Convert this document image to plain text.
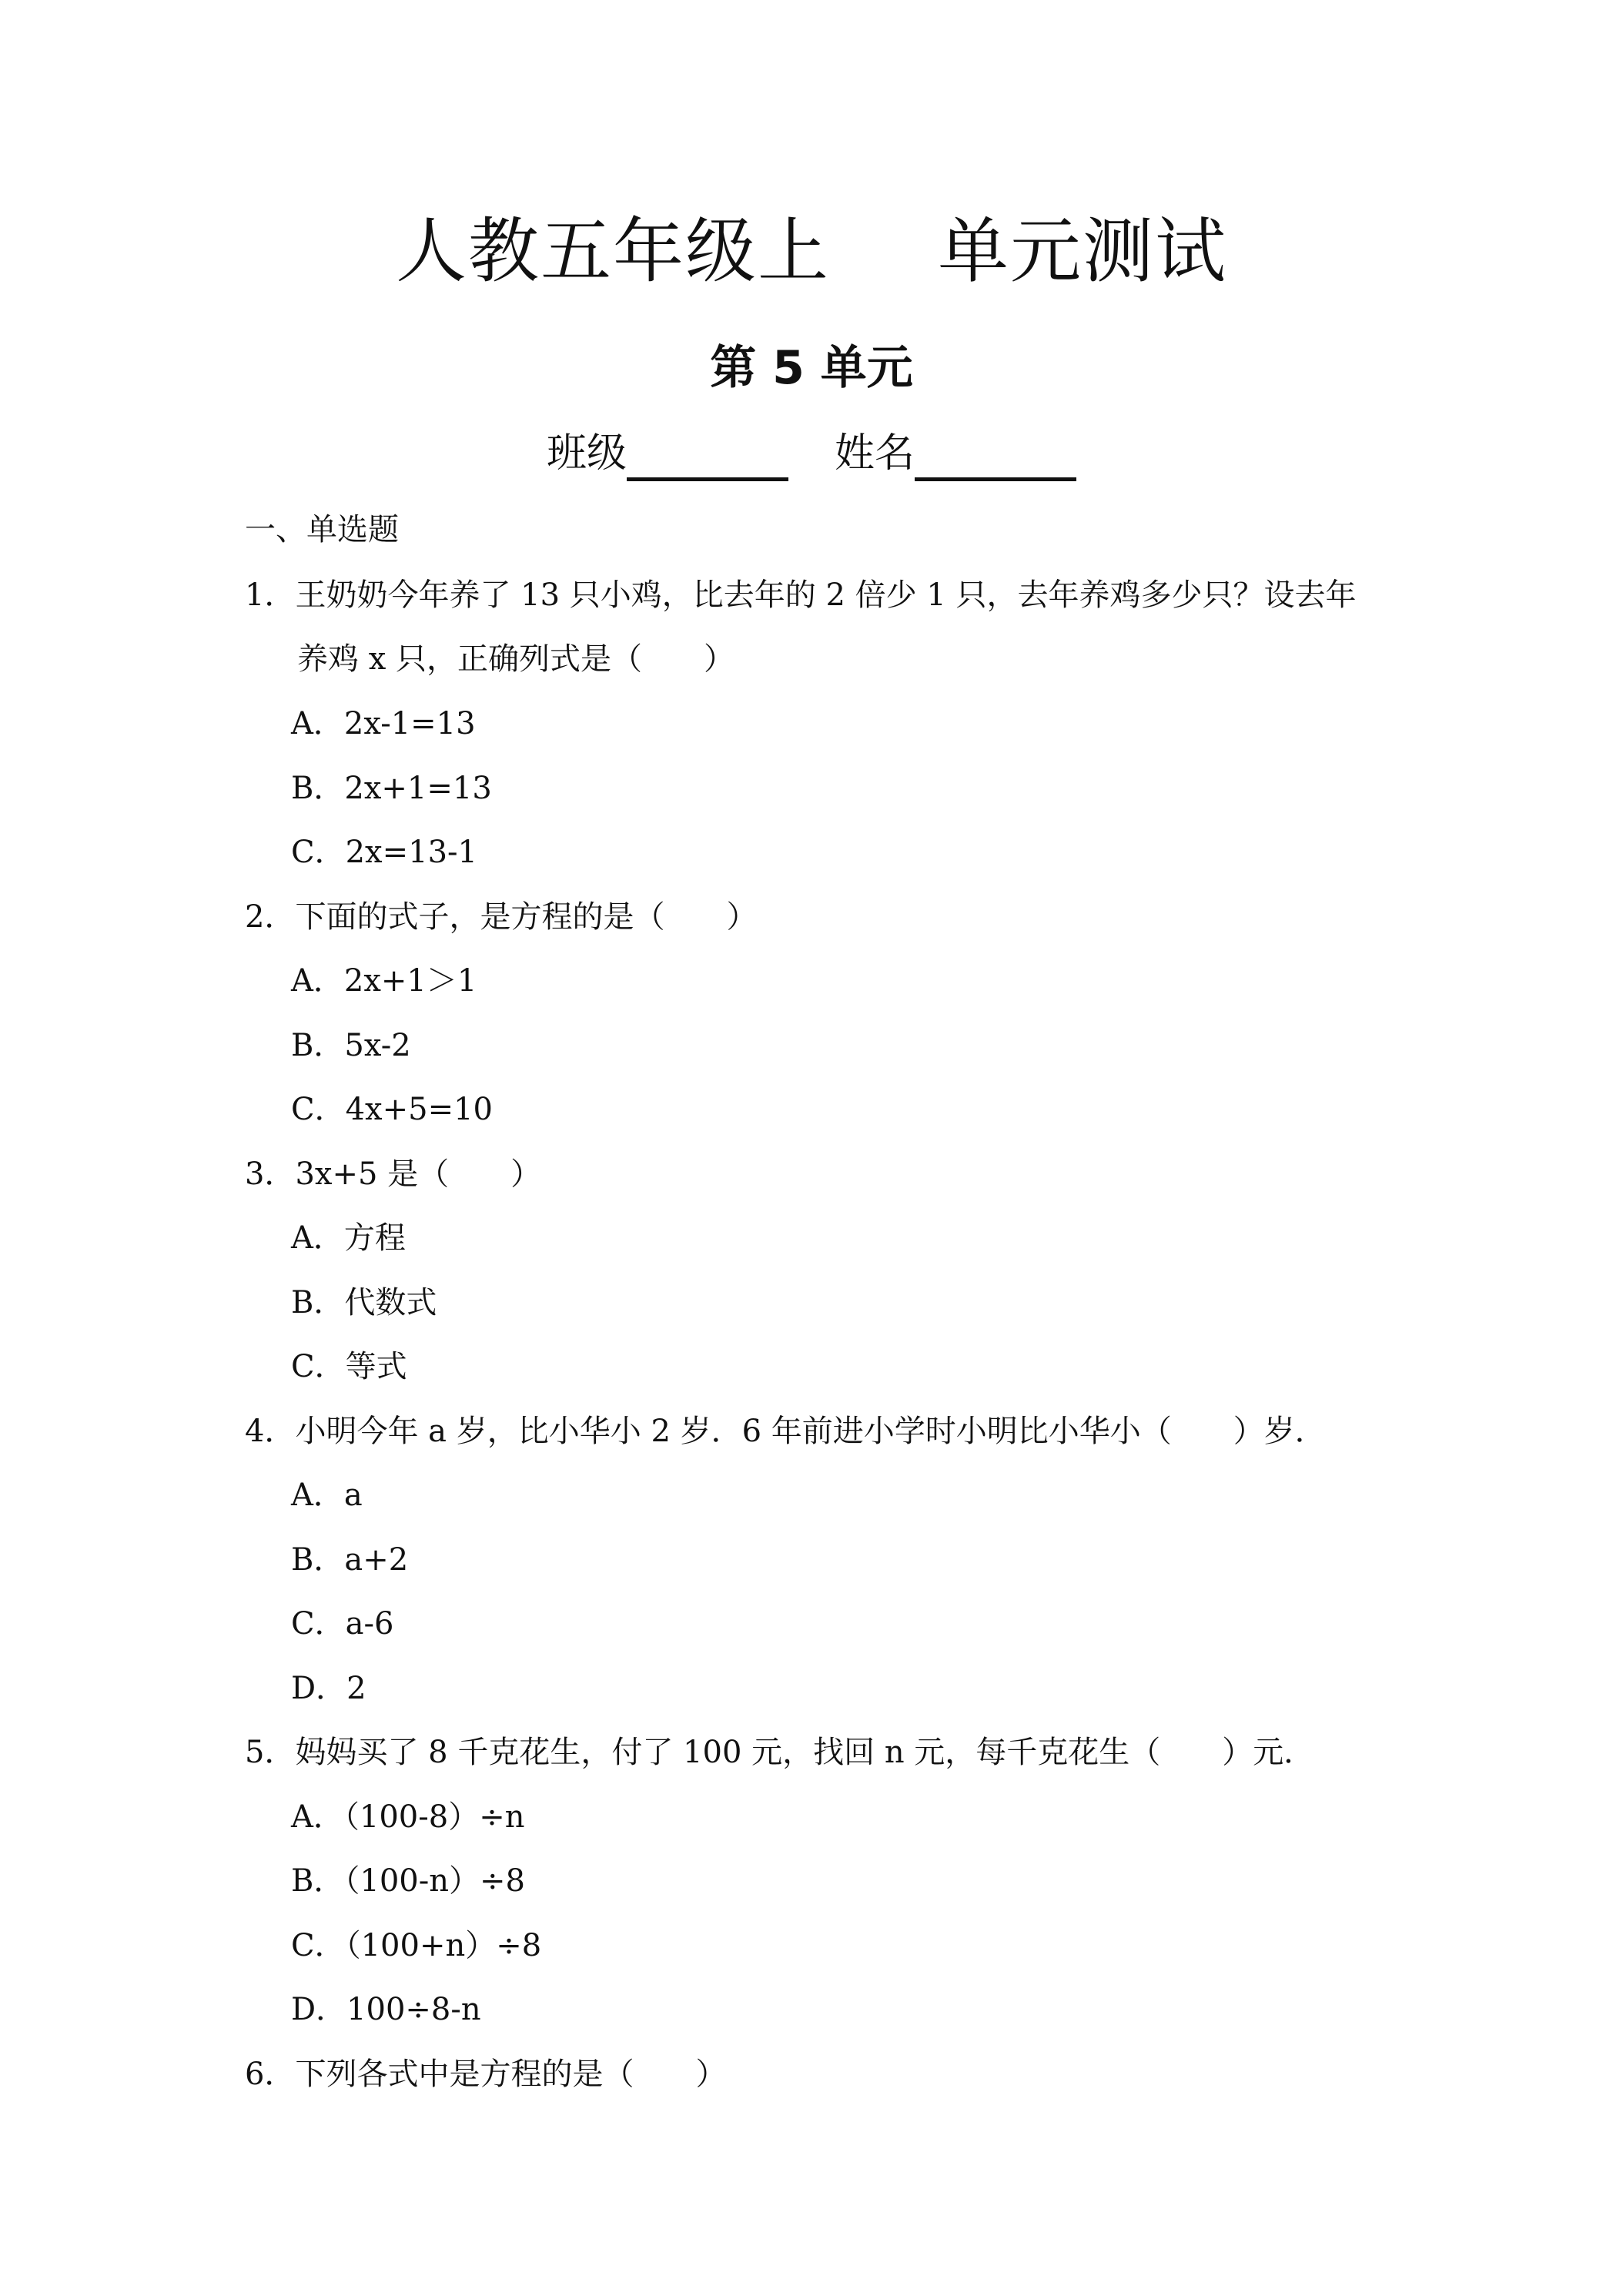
人教五年级上 单元测试
第 5 单元
班级	姓名
一、单选题
1．王奶奶今年养了 13 只小鸡，比去年的 2 倍少 1 只，去年养鸡多少只？设去年
养鸡 x 只，正确列式是（　　）
A．2x-1=13
B．2x+1=13
C．2x=13-1
2．下面的式子，是方程的是（　　）
A．2x+1＞1
B．5x-2
C．4x+5=10
3．3x+5 是（　　）
A．方程
B．代数式
C．等式
4．小明今年 a 岁，比小华小 2 岁．6 年前进小学时小明比小华小（　　）岁．
A．a
B．a+2
C．a-6
D．2
5．妈妈买了 8 千克花生，付了 100 元，找回 n 元，每千克花生（　　）元．
A．（100-8）÷n
B．（100-n）÷8
C．（100+n）÷8
D．100÷8-n
6．下列各式中是方程的是（　　）
